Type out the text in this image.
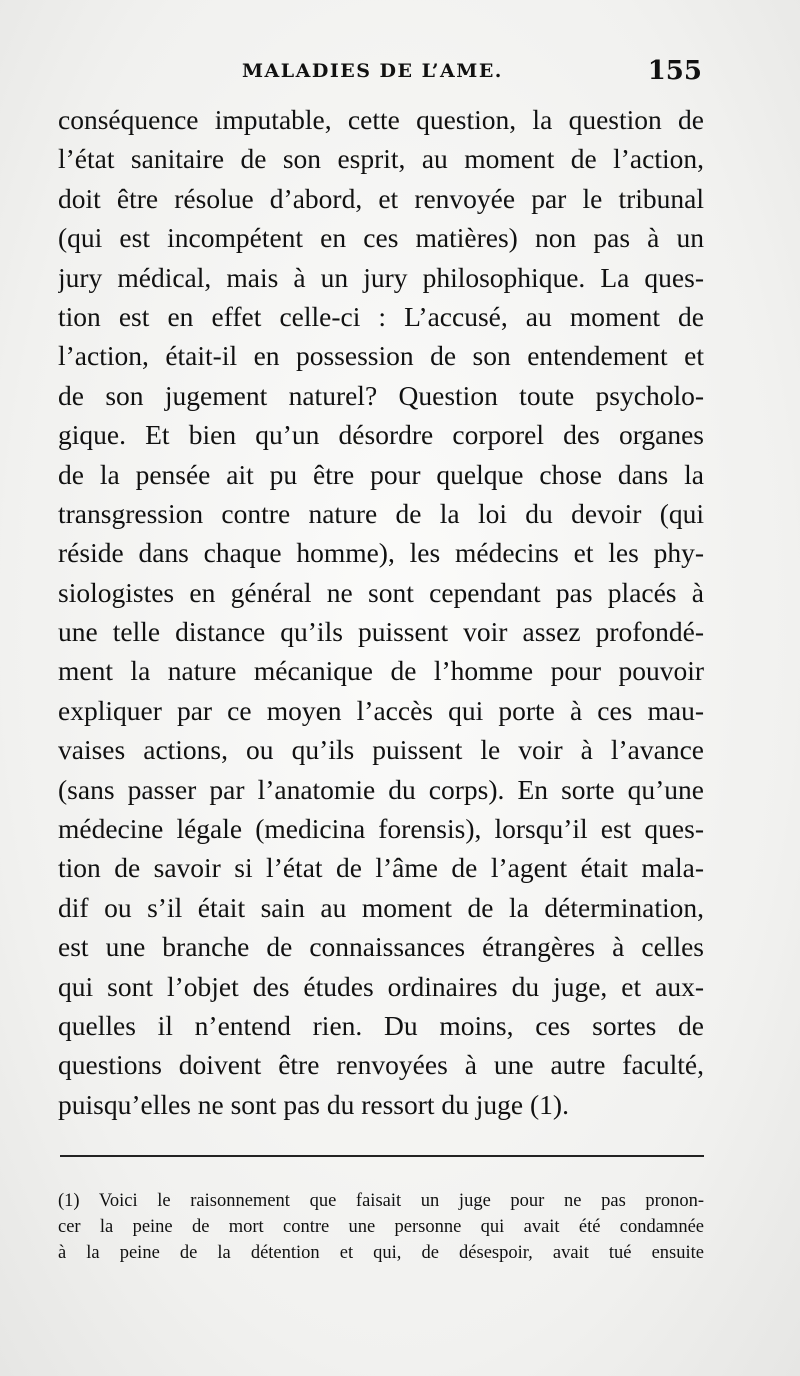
MALADIES DE L’AME.	155
conséquence imputable, cette question, la question de
l’état sanitaire de son esprit, au moment de l’action,
doit être résolue d’abord, et renvoyée par le tribunal
(qui est incompétent en ces matières) non pas à un
jury médical, mais à un jury philosophique. La ques-
tion est en effet celle-ci : L’accusé, au moment de
l’action, était-il en possession de son entendement et
de son jugement naturel? Question toute psycholo-
gique. Et bien qu’un désordre corporel des organes
de la pensée ait pu être pour quelque chose dans la
transgression contre nature de la loi du devoir (qui
réside dans chaque homme), les médecins et les phy-
siologistes en général ne sont cependant pas placés à
une telle distance qu’ils puissent voir assez profondé-
ment la nature mécanique de l’homme pour pouvoir
expliquer par ce moyen l’accès qui porte à ces mau-
vaises actions, ou qu’ils puissent le voir à l’avance
(sans passer par l’anatomie du corps). En sorte qu’une
médecine légale (medicina forensis), lorsqu’il est ques-
tion de savoir si l’état de l’âme de l’agent était mala-
dif ou s’il était sain au moment de la détermination,
est une branche de connaissances étrangères à celles
qui sont l’objet des études ordinaires du juge, et aux-
quelles il n’entend rien. Du moins, ces sortes de
questions doivent être renvoyées à une autre faculté,
puisqu’elles ne sont pas du ressort du juge (1).
(1) Voici le raisonnement que faisait un juge pour ne pas pronon-
cer la peine de mort contre une personne qui avait été condamnée
à la peine de la détention et qui, de désespoir, avait tué ensuite
